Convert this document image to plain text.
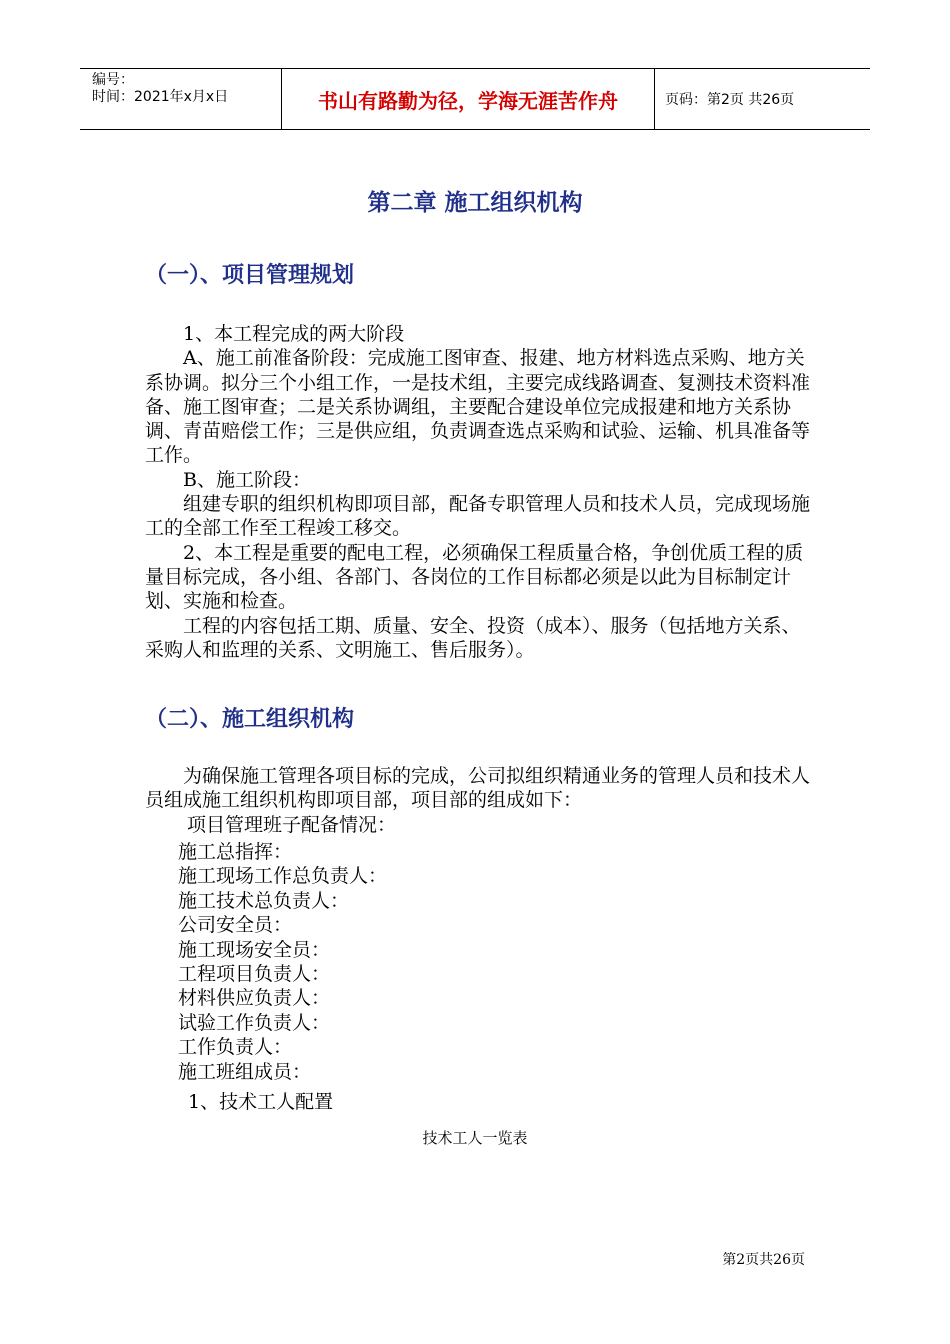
编号：
时间：2021年x月x日	书山有路勤为径，学海无涯苦作舟	页码：第2页 共26页
第二章 施工组织机构
（一）、项目管理规划

1、本工程完成的两大阶段

A、施工前准备阶段：完成施工图审查、报建、地方材料选点采购、地方关系协调。拟分三个小组工作，一是技术组，主要完成线路调查、复测技术资料准备、施工图审查；二是关系协调组，主要配合建设单位完成报建和地方关系协调、青苗赔偿工作；三是供应组，负责调查选点采购和试验、运输、机具准备等工作。

B、施工阶段：

组建专职的组织机构即项目部，配备专职管理人员和技术人员，完成现场施工的全部工作至工程竣工移交。

2、本工程是重要的配电工程，必须确保工程质量合格，争创优质工程的质量目标完成，各小组、各部门、各岗位的工作目标都必须是以此为目标制定计划、实施和检查。

工程的内容包括工期、质量、安全、投资（成本）、服务（包括地方关系、采购人和监理的关系、文明施工、售后服务）。

（二）、施工组织机构

为确保施工管理各项目标的完成，公司拟组织精通业务的管理人员和技术人员组成施工组织机构即项目部，项目部的组成如下：

项目管理班子配备情况：

施工总指挥：
施工现场工作总负责人：
施工技术总负责人：
公司安全员：
施工现场安全员：
工程项目负责人：
材料供应负责人：
试验工作负责人：
工作负责人：
施工班组成员：
1、技术工人配置
技术工人一览表
第2页共26页
